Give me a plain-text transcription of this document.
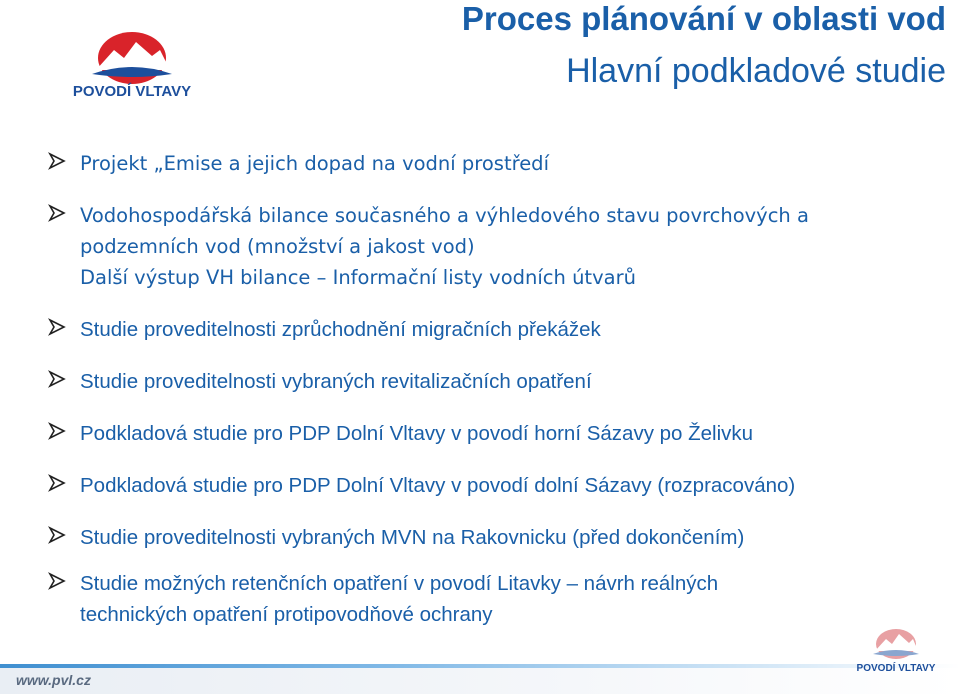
POVODÍ VLTAVY
Proces plánování v oblasti vod
Hlavní podkladové studie

Projekt „Emise a jejich dopad na vodní prostředí

Vodohospodářská bilance současného a výhledového stavu povrchových a

podzemních vod (množství a jakost vod)

Další výstup VH bilance – Informační listy vodních útvarů

Studie proveditelnosti zprůchodnění migračních překážek

Studie proveditelnosti vybraných revitalizačních opatření

Podkladová studie pro PDP Dolní Vltavy v povodí horní Sázavy po Želivku

Podkladová studie pro PDP Dolní Vltavy v povodí dolní Sázavy (rozpracováno)

Studie proveditelnosti vybraných MVN na Rakovnicku (před dokončením)

Studie možných retenčních opatření v povodí Litavky – návrh reálných

technických opatření protipovodňové ochrany

www.pvl.cz

POVODÍ VLTAVY
